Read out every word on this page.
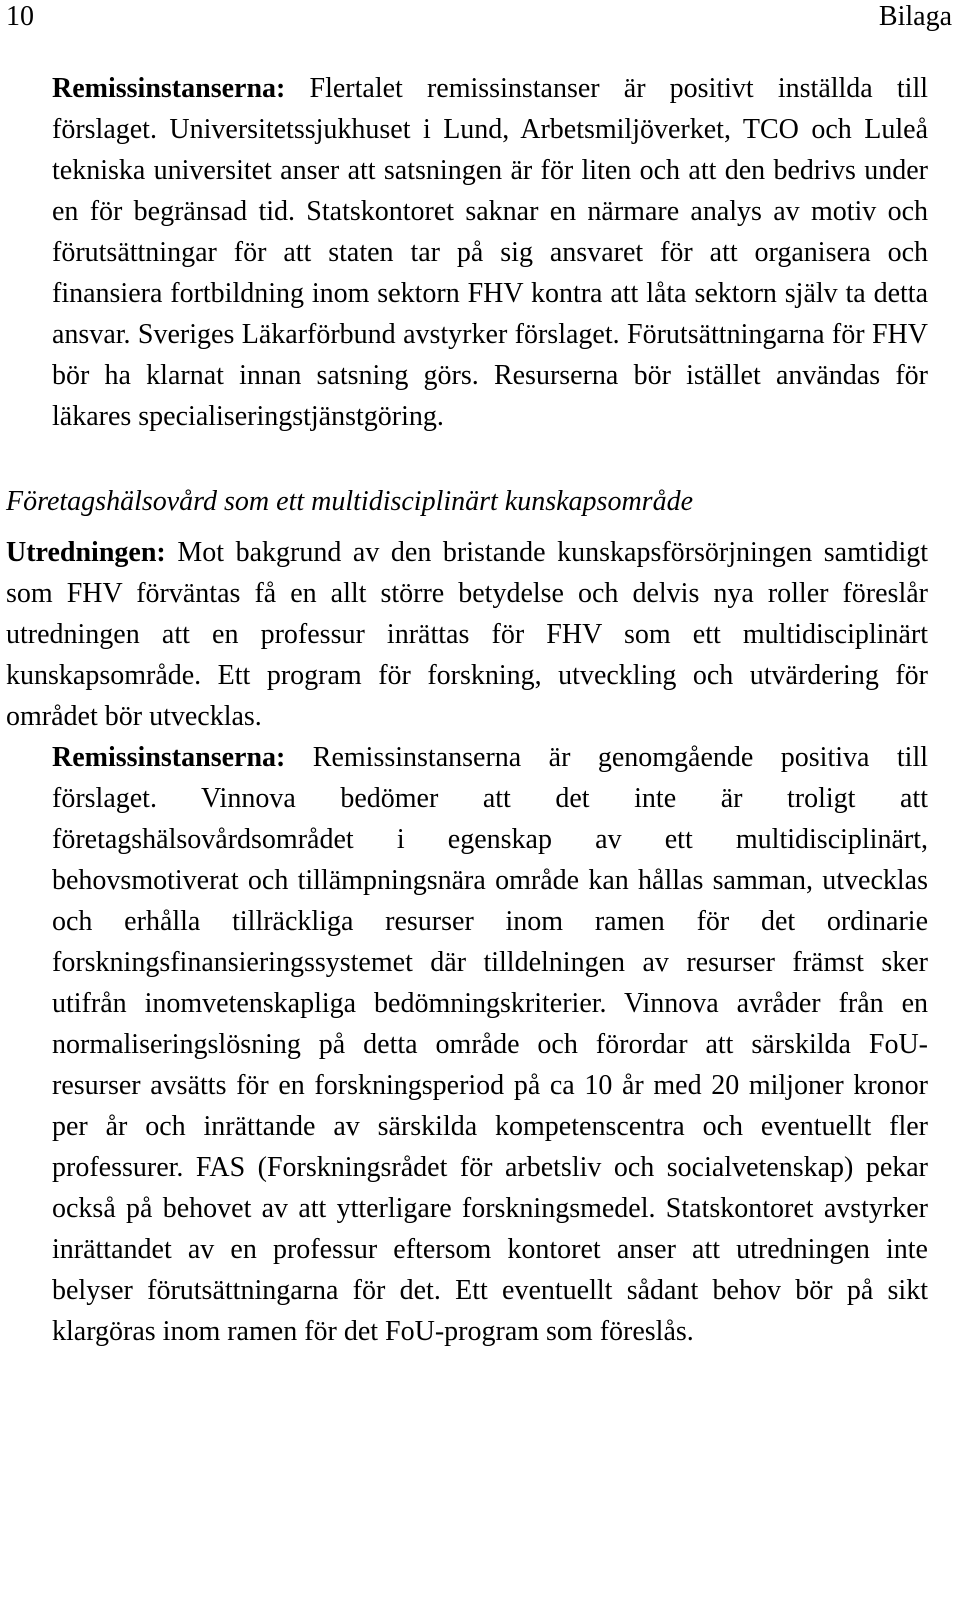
10	Bilaga

Remissinstanserna: Flertalet remissinstanser är positivt inställda till förslaget. Universitetssjukhuset i Lund, Arbetsmiljöverket, TCO och Luleå tekniska universitet anser att satsningen är för liten och att den bedrivs under en för begränsad tid. Statskontoret saknar en närmare analys av motiv och förutsättningar för att staten tar på sig ansvaret för att organisera och finansiera fortbildning inom sektorn FHV kontra att låta sektorn själv ta detta ansvar. Sveriges Läkarförbund avstyrker förslaget. Förutsättningarna för FHV bör ha klarnat innan satsning görs. Resurserna bör istället användas för läkares specialiseringstjänstgöring.

Företagshälsovård som ett multidisciplinärt kunskapsområde

Utredningen: Mot bakgrund av den bristande kunskapsförsörjningen samtidigt som FHV förväntas få en allt större betydelse och delvis nya roller föreslår utredningen att en professur inrättas för FHV som ett multidisciplinärt kunskapsområde. Ett program för forskning, utveckling och utvärdering för området bör utvecklas.

Remissinstanserna: Remissinstanserna är genomgående positiva till förslaget. Vinnova bedömer att det inte är troligt att företagshälsovårdsområdet i egenskap av ett multidisciplinärt, behovsmotiverat och tillämpningsnära område kan hållas samman, utvecklas och erhålla tillräckliga resurser inom ramen för det ordinarie forskningsfinansieringssystemet där tilldelningen av resurser främst sker utifrån inomvetenskapliga bedömningskriterier. Vinnova avråder från en normaliseringslösning på detta område och förordar att särskilda FoU-resurser avsätts för en forskningsperiod på ca 10 år med 20 miljoner kronor per år och inrättande av särskilda kompetenscentra och eventuellt fler professurer. FAS (Forskningsrådet för arbetsliv och socialvetenskap) pekar också på behovet av att ytterligare forskningsmedel. Statskontoret avstyrker inrättandet av en professur eftersom kontoret anser att utredningen inte belyser förutsättningarna för det. Ett eventuellt sådant behov bör på sikt klargöras inom ramen för det FoU-program som föreslås.
